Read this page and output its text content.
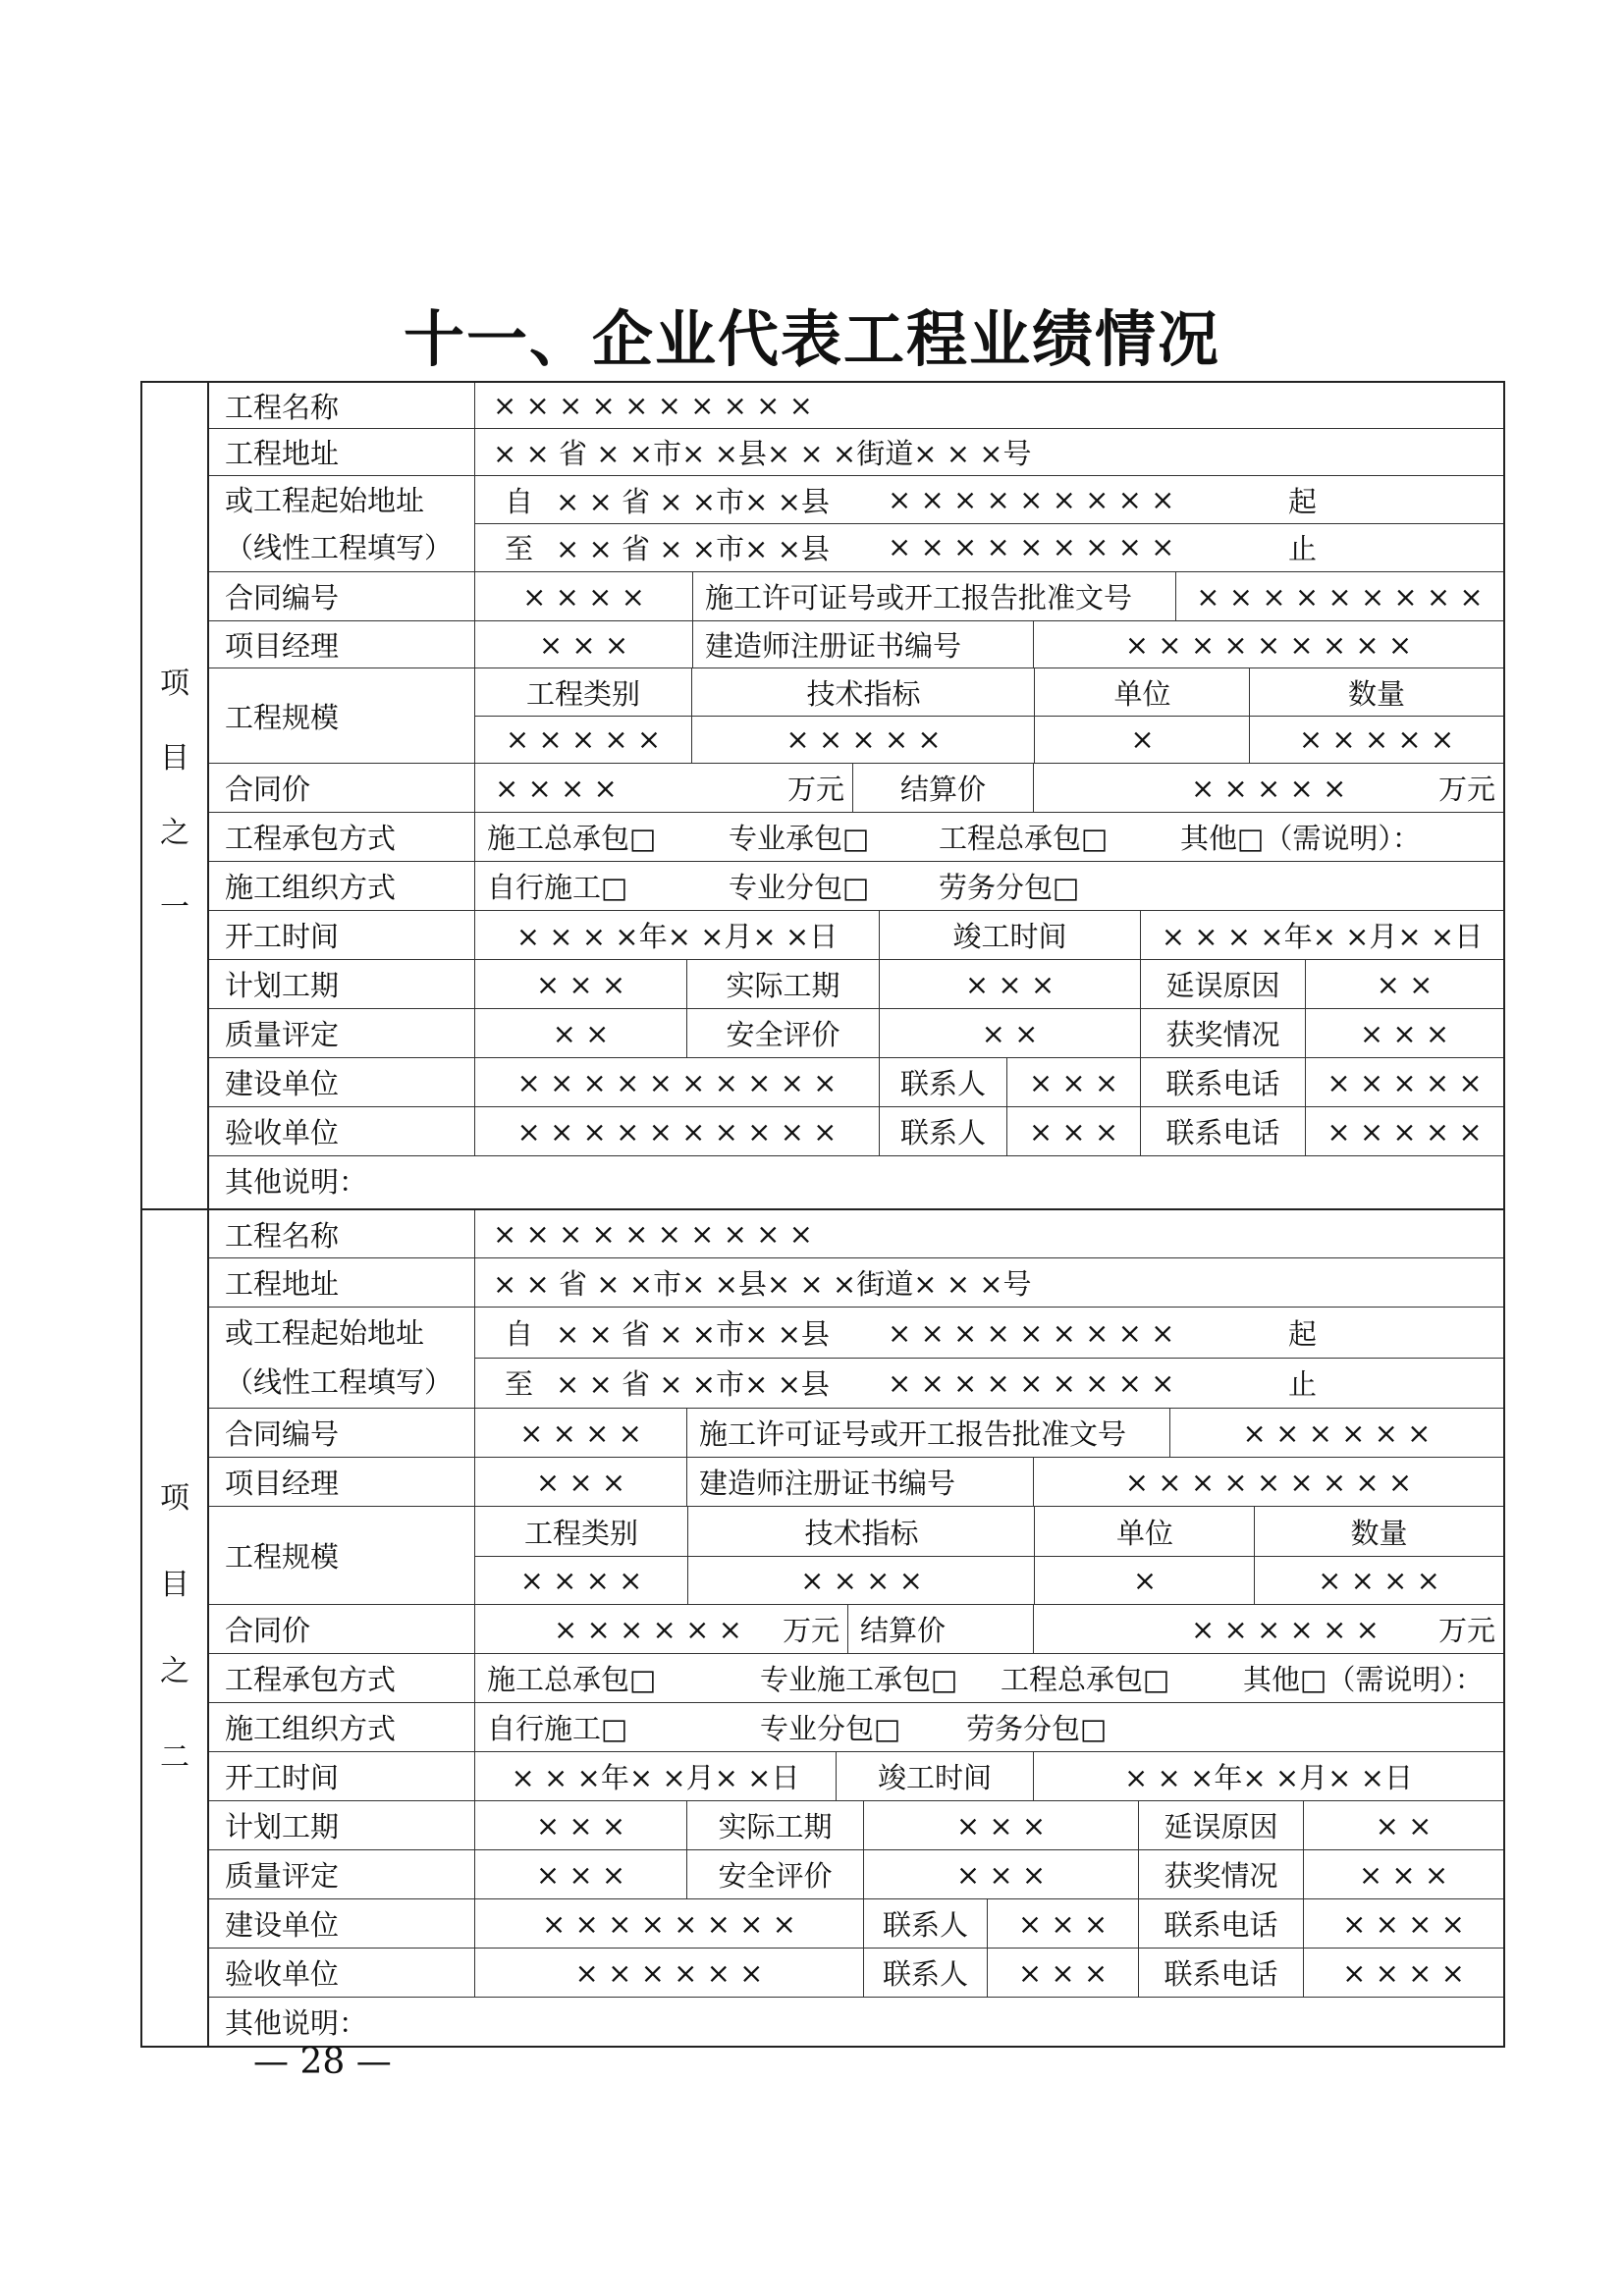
十一、企业代表工程业绩情况
项
目
之
一
工程名称	× × × × × × × × × ×
工程地址	× × 省 × ×市× ×县× × ×街道× × ×号
或工程起始地址
（线性工程填写）
自 × × 省 × ×市× ×县 × × × × × × × × ×	起
至 × × 省 × ×市× ×县 × × × × × × × × ×	止
合同编号	× × × ×	施工许可证号或开工报告批准文号	× × × × × × × × ×
项目经理	× × ×	建造师注册证书编号	× × × × × × × × ×
工程规模
工程类别	技术指标	单位	数量
× × × × ×	× × × × ×	×	× × × × ×
合同价	× × × ×	万元	结算价	× × × × ×	万元
工程承包方式	施工总承包□	专业承包□ 工程总承包□	其他□（需说明）：
施工组织方式	自行施工□	专业分包□ 劳务分包□
开工时间	× × × ×年× ×月× ×日	竣工时间	× × × ×年× ×月× ×日
计划工期	× × ×	实际工期	× × ×	延误原因	× ×
质量评定	× ×	安全评价	× ×	获奖情况	× × ×
建设单位	× × × × × × × × × ×	联系人	× × ×	联系电话	× × × × ×
验收单位	× × × × × × × × × ×	联系人	× × ×	联系电话	× × × × ×
其他说明：
项
目
之
二
工程名称	× × × × × × × × × ×
工程地址	× × 省 × ×市× ×县× × ×街道× × ×号
或工程起始地址
（线性工程填写）
自 × × 省 × ×市× ×县 × × × × × × × × ×	起
至 × × 省 × ×市× ×县 × × × × × × × × ×	止
合同编号	× × × ×	施工许可证号或开工报告批准文号	× × × × × ×
项目经理	× × ×	建造师注册证书编号	× × × × × × × × ×
工程规模
工程类别	技术指标	单位	数量
× × × ×	× × × ×	×	× × × ×
合同价	× × × × × × 万元 结算价	× × × × × × 万元
工程承包方式	施工总承包□	专业施工承包□ 工程总承包□	其他□（需说明）：
施工组织方式	自行施工□	专业分包□ 劳务分包□
开工时间	× × ×年× ×月× ×日	竣工时间	× × ×年× ×月× ×日
计划工期	× × ×	实际工期	× × ×	延误原因	× ×
质量评定	× × ×	安全评价	× × ×	获奖情况	× × ×
建设单位	× × × × × × × ×	联系人	× × ×	联系电话	× × × ×
验收单位	× × × × × ×	联系人	× × ×	联系电话	× × × ×
其他说明：
— 28 —
